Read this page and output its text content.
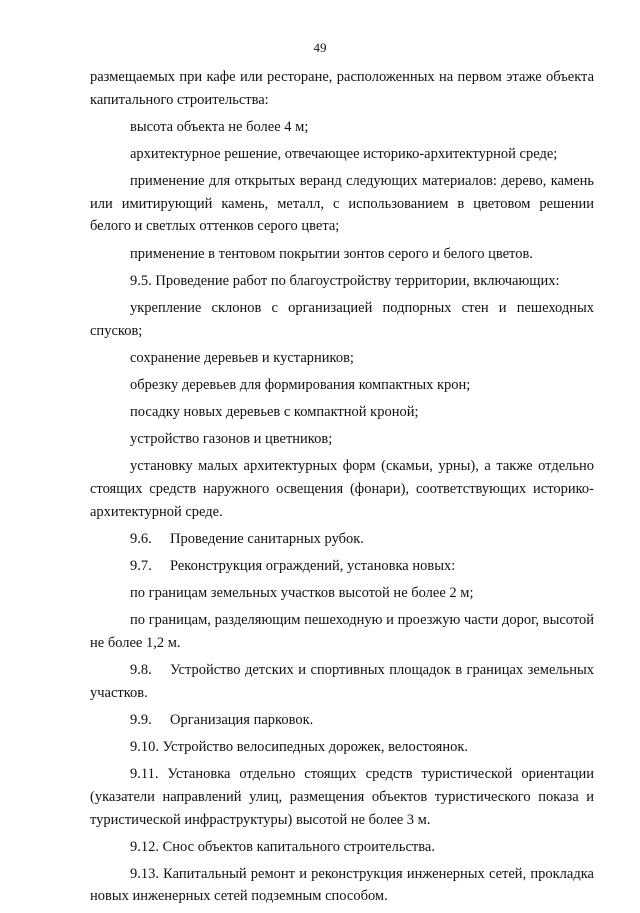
49

размещаемых при кафе или ресторане, расположенных на первом этаже объекта капитального строительства:

высота объекта не более 4 м;

архитектурное решение, отвечающее историко-архитектурной среде;

применение для открытых веранд следующих материалов: дерево, камень или имитирующий камень, металл, с использованием в цветовом решении белого и светлых оттенков серого цвета;

применение в тентовом покрытии зонтов серого и белого цветов.

9.5. Проведение работ по благоустройству территории, включающих:

укрепление склонов с организацией подпорных стен и пешеходных спусков;

сохранение деревьев и кустарников;

обрезку деревьев для формирования компактных крон;

посадку новых деревьев с компактной кроной;

устройство газонов и цветников;

установку малых архитектурных форм (скамьи, урны), а также отдельно стоящих средств наружного освещения (фонари), соответствующих историко-архитектурной среде.

9.6. Проведение санитарных рубок.

9.7. Реконструкция ограждений, установка новых:

по границам земельных участков высотой не более 2 м;

по границам, разделяющим пешеходную и проезжую части дорог, высотой не более 1,2 м.

9.8. Устройство детских и спортивных площадок в границах земельных участков.

9.9. Организация парковок.

9.10. Устройство велосипедных дорожек, велостоянок.

9.11. Установка отдельно стоящих средств туристической ориентации (указатели направлений улиц, размещения объектов туристического показа и туристической инфраструктуры) высотой не более 3 м.

9.12. Снос объектов капитального строительства.

9.13. Капитальный ремонт и реконструкция инженерных сетей, прокладка новых инженерных сетей подземным способом.
